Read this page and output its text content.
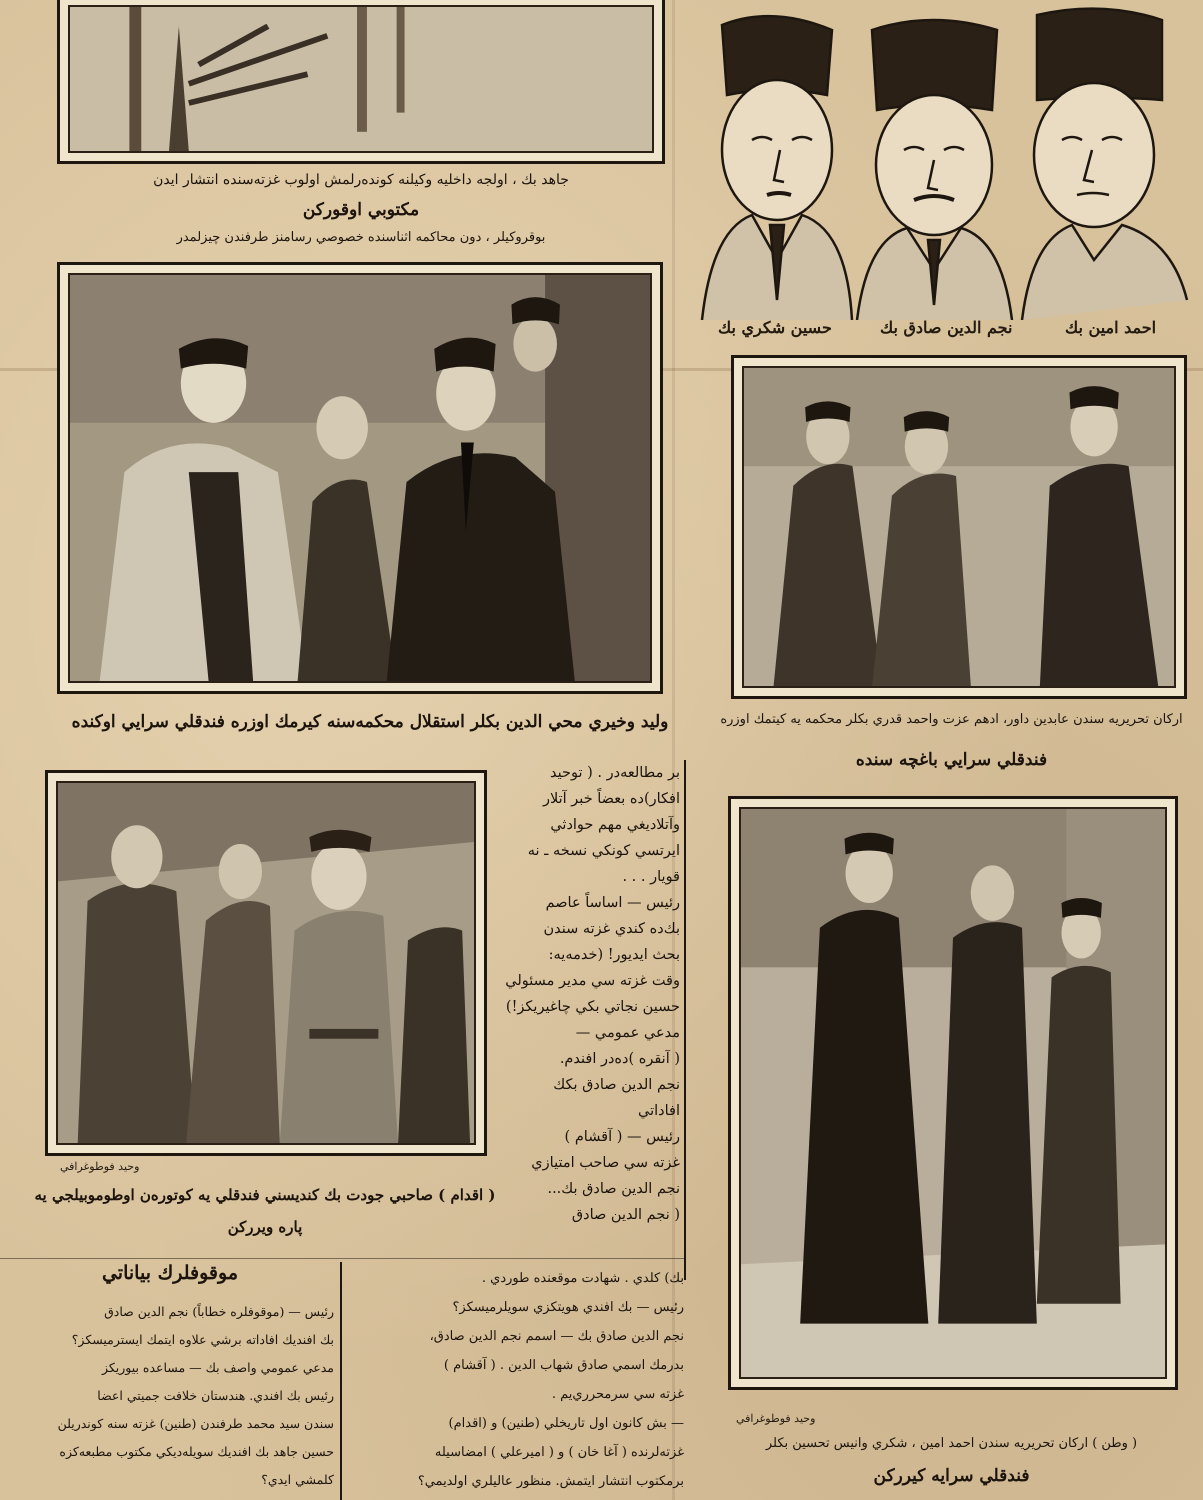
جاهد بك ، اولجه داخليه وكيلنه كوندەرلمش اولوب غزتەسنده انتشار ايدن
مكتوبي اوقوركن
بوقروكيلر ، دون محاكمه اثناسنده خصوصي رسامنز طرفندن چيزلمدر
احمد امين بك
نجم الدين صادق بك
حسين شكري بك
وليد وخيري محي الدين بكلر استقلال محكمەسنه كيرمك اوزره فندقلي سرايي اوكنده	اركان تحريريه سندن عابدين داور، ادهم عزت واحمد قدري بكلر محكمه يه كيتمك اوزره
فندقلي سرايي باغچه سنده
وحيد فوطوغرافي
( اقدام ) صاحبي جودت بك كندیسني فندقلي يه كوتورەن اوطوموبيلجي يه
پاره ويرركن

بر مطالعه‌در . ( توحيد

افكار)ده بعضاً خبر آتلار

وآتلاديغي مهم حوادثي

ايرتسي كونكي نسخه ـ نه

قويار . . .

رئيس — اساساً عاصم

بك‌ده كندي غزته سندن

بحث ايديور! (خدمه‌يه:

وقت غزته سي مدير مسئولي

حسين نجاتي بكي چاغيريكز!)

مدعي عمومي —

( آنقره )ده‌در افندم.

نجم الدين صادق بكك

افاداتي

رئيس — ( آقشام )

غزته سي صاحب امتيازي

نجم الدين صادق بك...

( نجم الدين صادق

وحيد فوطوغرافي
( وطن ) اركان تحريريه سندن احمد امين ، شكري وانيس تحسين بكلر
فندقلي سرايه كيرركن
موقوفلرك بياناتي

رئيس — (موقوفلره خطاباً) نجم الدين صادق

بك افنديك افاداته برشي علاوه ايتمك ايسترميسكز؟

مدعي عمومي واصف بك — مساعده بيوريكز

رئيس بك افندي. هندستان خلافت جميتي اعضا

سندن سيد محمد طرفندن (طنين) غزته سنه كوندريلن

حسين جاهد بك افنديك سويله‌ديكي مكتوب مطبعه‌كزه

كلمشي ايدي؟

بك) كلدي . شهادت موقعنده طوردي .

رئيس — بك افندي هويتكزي سويلرميسكز؟

نجم الدين صادق بك — اسمم نجم الدين صادق،

بدرمك اسمي صادق شهاب الدين . ( آقشام )

غزته سي سرمحرري‌يم .

— بش كانون اول تاريخلي (طنين) و (اقدام)

غزته‌لرنده ( آغا خان ) و ( اميرعلي ) امضاسيله

برمكتوب انتشار ايتمش. منظور عاليلري اولديمي؟
